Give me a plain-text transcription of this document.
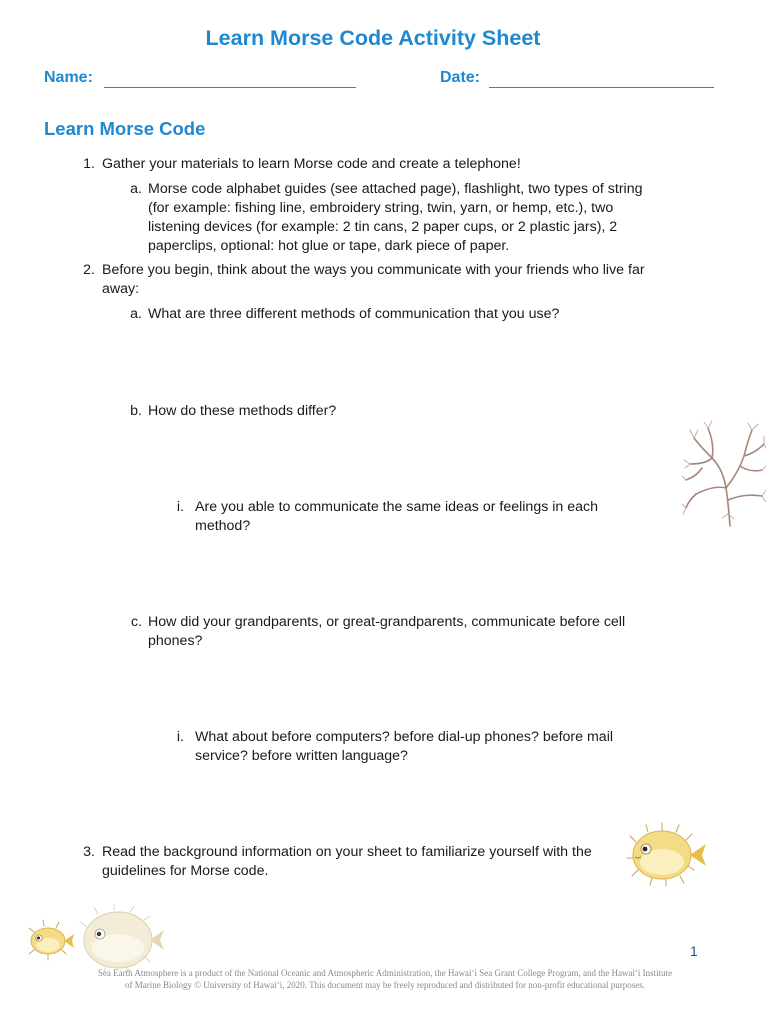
Learn Morse Code Activity Sheet
Name:	Date:
Learn Morse Code
1. Gather your materials to learn Morse code and create a telephone!
a. Morse code alphabet guides (see attached page), flashlight, two types of string
(for example: fishing line, embroidery string, twin, yarn, or hemp, etc.), two
listening devices (for example: 2 tin cans, 2 paper cups, or 2 plastic jars), 2
paperclips, optional: hot glue or tape, dark piece of paper.
2. Before you begin, think about the ways you communicate with your friends who live far
away:
a. What are three different methods of communication that you use?
b. How do these methods differ?
i. Are you able to communicate the same ideas or feelings in each
method?
c. How did your grandparents, or great-grandparents, communicate before cell
phones?
i. What about before computers? before dial-up phones? before mail
service? before written language?
3. Read the background information on your sheet to familiarize yourself with the
guidelines for Morse code.
1
Sea Earth Atmosphere is a product of the National Oceanic and Atmospheric Administration, the Hawaiʻi Sea Grant College Program, and the Hawaiʻi Institute
of Marine Biology © University of Hawaiʻi, 2020. This document may be freely reproduced and distributed for non-profit educational purposes.
